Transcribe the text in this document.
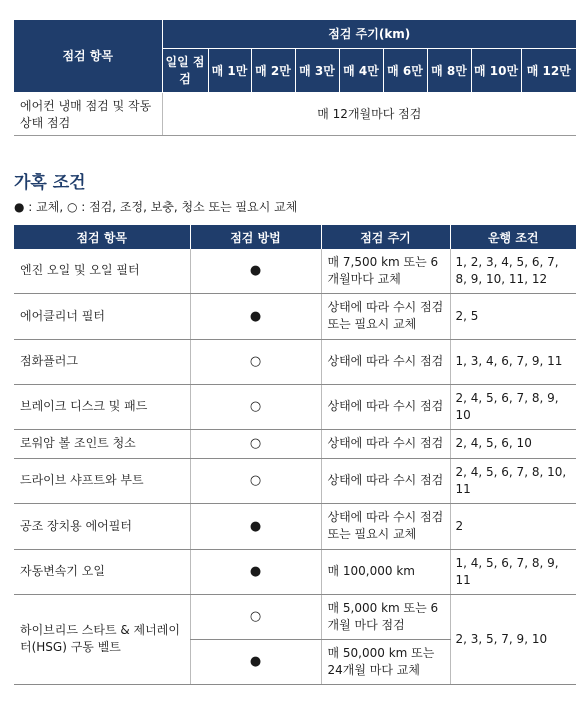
점검 항목	점검 주기(km)								
	일일 점검	매 1만	매 2만	매 3만	매 4만	매 6만	매 8만	매 10만	매 12만
에어컨 냉매 점검 및 작동 상태 점검	매 12개월마다 점검								
가혹 조건
● : 교체, ○ : 점검, 조정, 보충, 청소 또는 필요시 교체
점검 항목	점검 방법	점검 주기	운행 조건
엔진 오일 및 오일 필터	●	매 7,500 km 또는 6개월마다 교체	1, 2, 3, 4, 5, 6, 7, 8, 9, 10, 11, 12
에어클리너 필터	●	상태에 따라 수시 점검 또는 필요시 교체	2, 5
점화플러그	○	상태에 따라 수시 점검	1, 3, 4, 6, 7, 9, 11
브레이크 디스크 및 패드	○	상태에 따라 수시 점검	2, 4, 5, 6, 7, 8, 9, 10
로워암 볼 조인트 청소	○	상태에 따라 수시 점검	2, 4, 5, 6, 10
드라이브 샤프트와 부트	○	상태에 따라 수시 점검	2, 4, 5, 6, 7, 8, 10, 11
공조 장치용 에어필터	●	상태에 따라 수시 점검 또는 필요시 교체	2
자동변속기 오일	●	매 100,000 km	1, 4, 5, 6, 7, 8, 9, 11
하이브리드 스타트 & 제너레이터(HSG) 구동 벨트	○	매 5,000 km 또는 6개월 마다 점검	2, 3, 5, 7, 9, 10
	●	매 50,000 km 또는 24개월 마다 교체	
